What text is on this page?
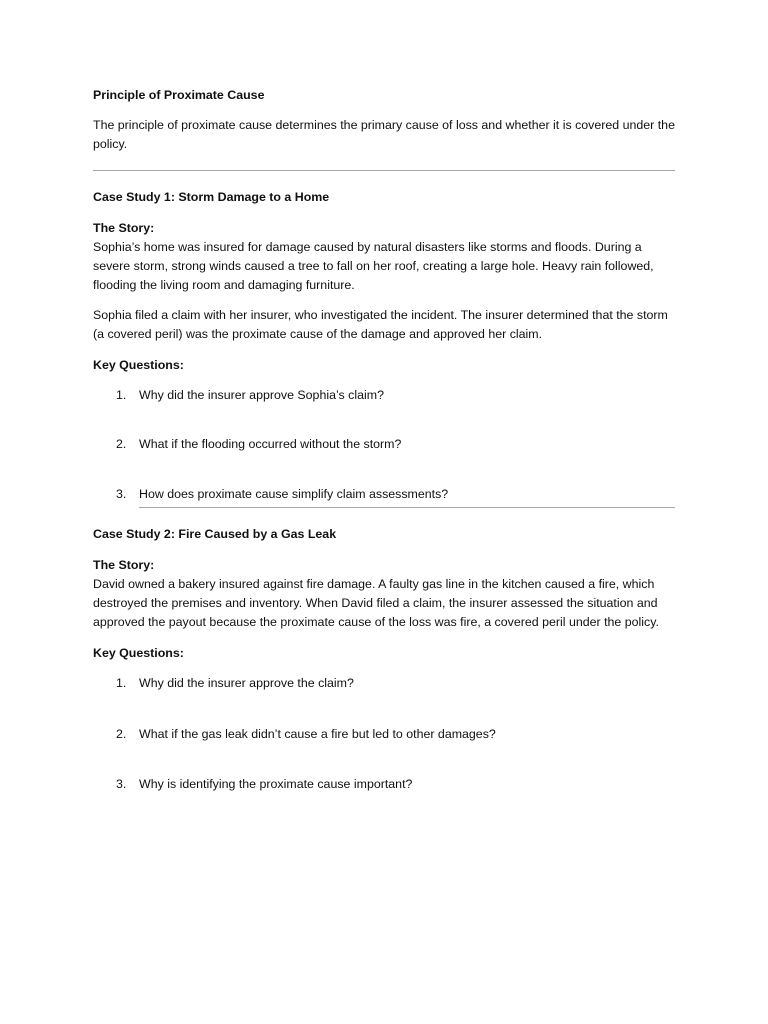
Principle of Proximate Cause

The principle of proximate cause determines the primary cause of loss and whether it is covered under the policy.

Case Study 1: Storm Damage to a Home

The Story:

Sophia’s home was insured for damage caused by natural disasters like storms and floods. During a severe storm, strong winds caused a tree to fall on her roof, creating a large hole. Heavy rain followed, flooding the living room and damaging furniture.

Sophia filed a claim with her insurer, who investigated the incident. The insurer determined that the storm (a covered peril) was the proximate cause of the damage and approved her claim.

Key Questions:

1. Why did the insurer approve Sophia’s claim?
2. What if the flooding occurred without the storm?
3. How does proximate cause simplify claim assessments?

Case Study 2: Fire Caused by a Gas Leak

The Story:

David owned a bakery insured against fire damage. A faulty gas line in the kitchen caused a fire, which destroyed the premises and inventory. When David filed a claim, the insurer assessed the situation and approved the payout because the proximate cause of the loss was fire, a covered peril under the policy.

Key Questions:

1. Why did the insurer approve the claim?
2. What if the gas leak didn’t cause a fire but led to other damages?
3. Why is identifying the proximate cause important?
